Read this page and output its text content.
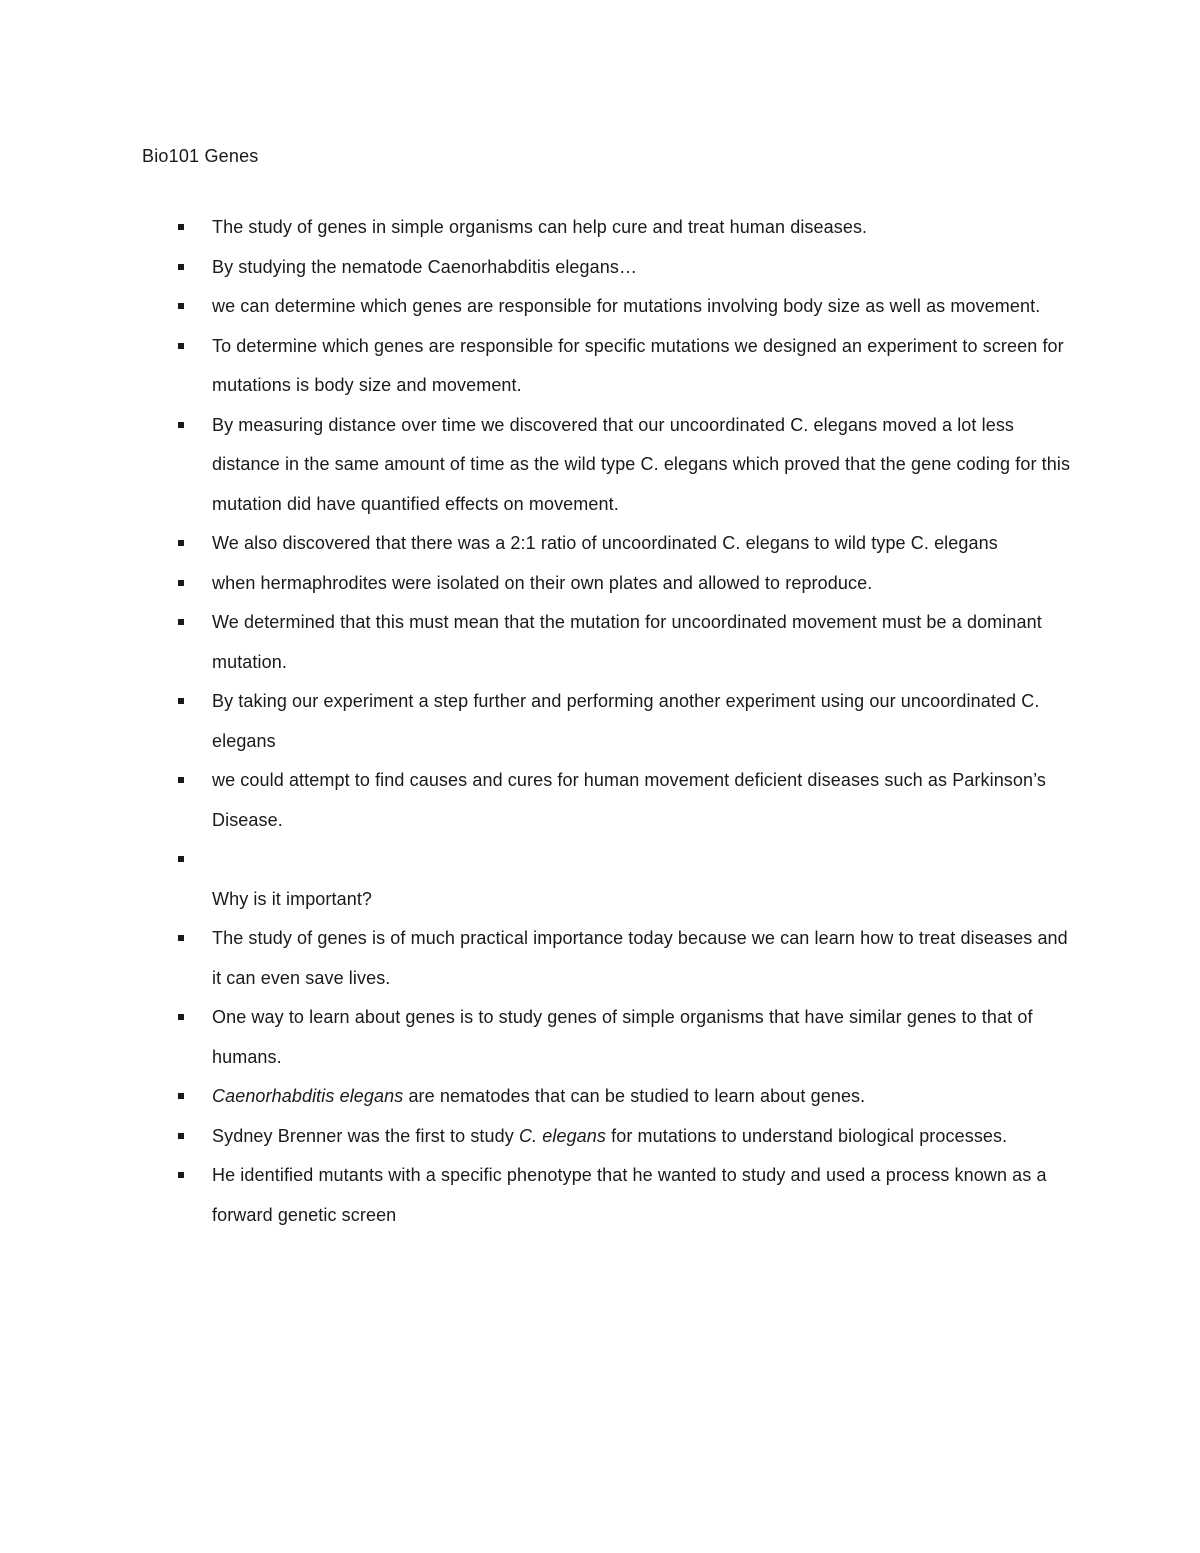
Bio101 Genes
The study of genes in simple organisms can help cure and treat human diseases.
By studying the nematode Caenorhabditis elegans…
we can determine which genes are responsible for mutations involving body size as well as movement.
To determine which genes are responsible for specific mutations we designed an experiment to screen for mutations is body size and movement.
By measuring distance over time we discovered that our uncoordinated C. elegans moved a lot less distance in the same amount of time as the wild type C. elegans which proved that the gene coding for this mutation did have quantified effects on movement.
We also discovered that there was a 2:1 ratio of uncoordinated C. elegans to wild type C. elegans
when hermaphrodites were isolated on their own plates and allowed to reproduce.
We determined that this must mean that the mutation for uncoordinated movement must be a dominant mutation.
By taking our experiment a step further and performing another experiment using our uncoordinated C. elegans
we could attempt to find causes and cures for human movement deficient diseases such as Parkinson’s Disease.
Why is it important?
The study of genes is of much practical importance today because we can learn how to treat diseases and it can even save lives.
One way to learn about genes is to study genes of simple organisms that have similar genes to that of humans.
Caenorhabditis elegans are nematodes that can be studied to learn about genes.
Sydney Brenner was the first to study C. elegans for mutations to understand biological processes.
He identified mutants with a specific phenotype that he wanted to study and used a process known as a forward genetic screen
